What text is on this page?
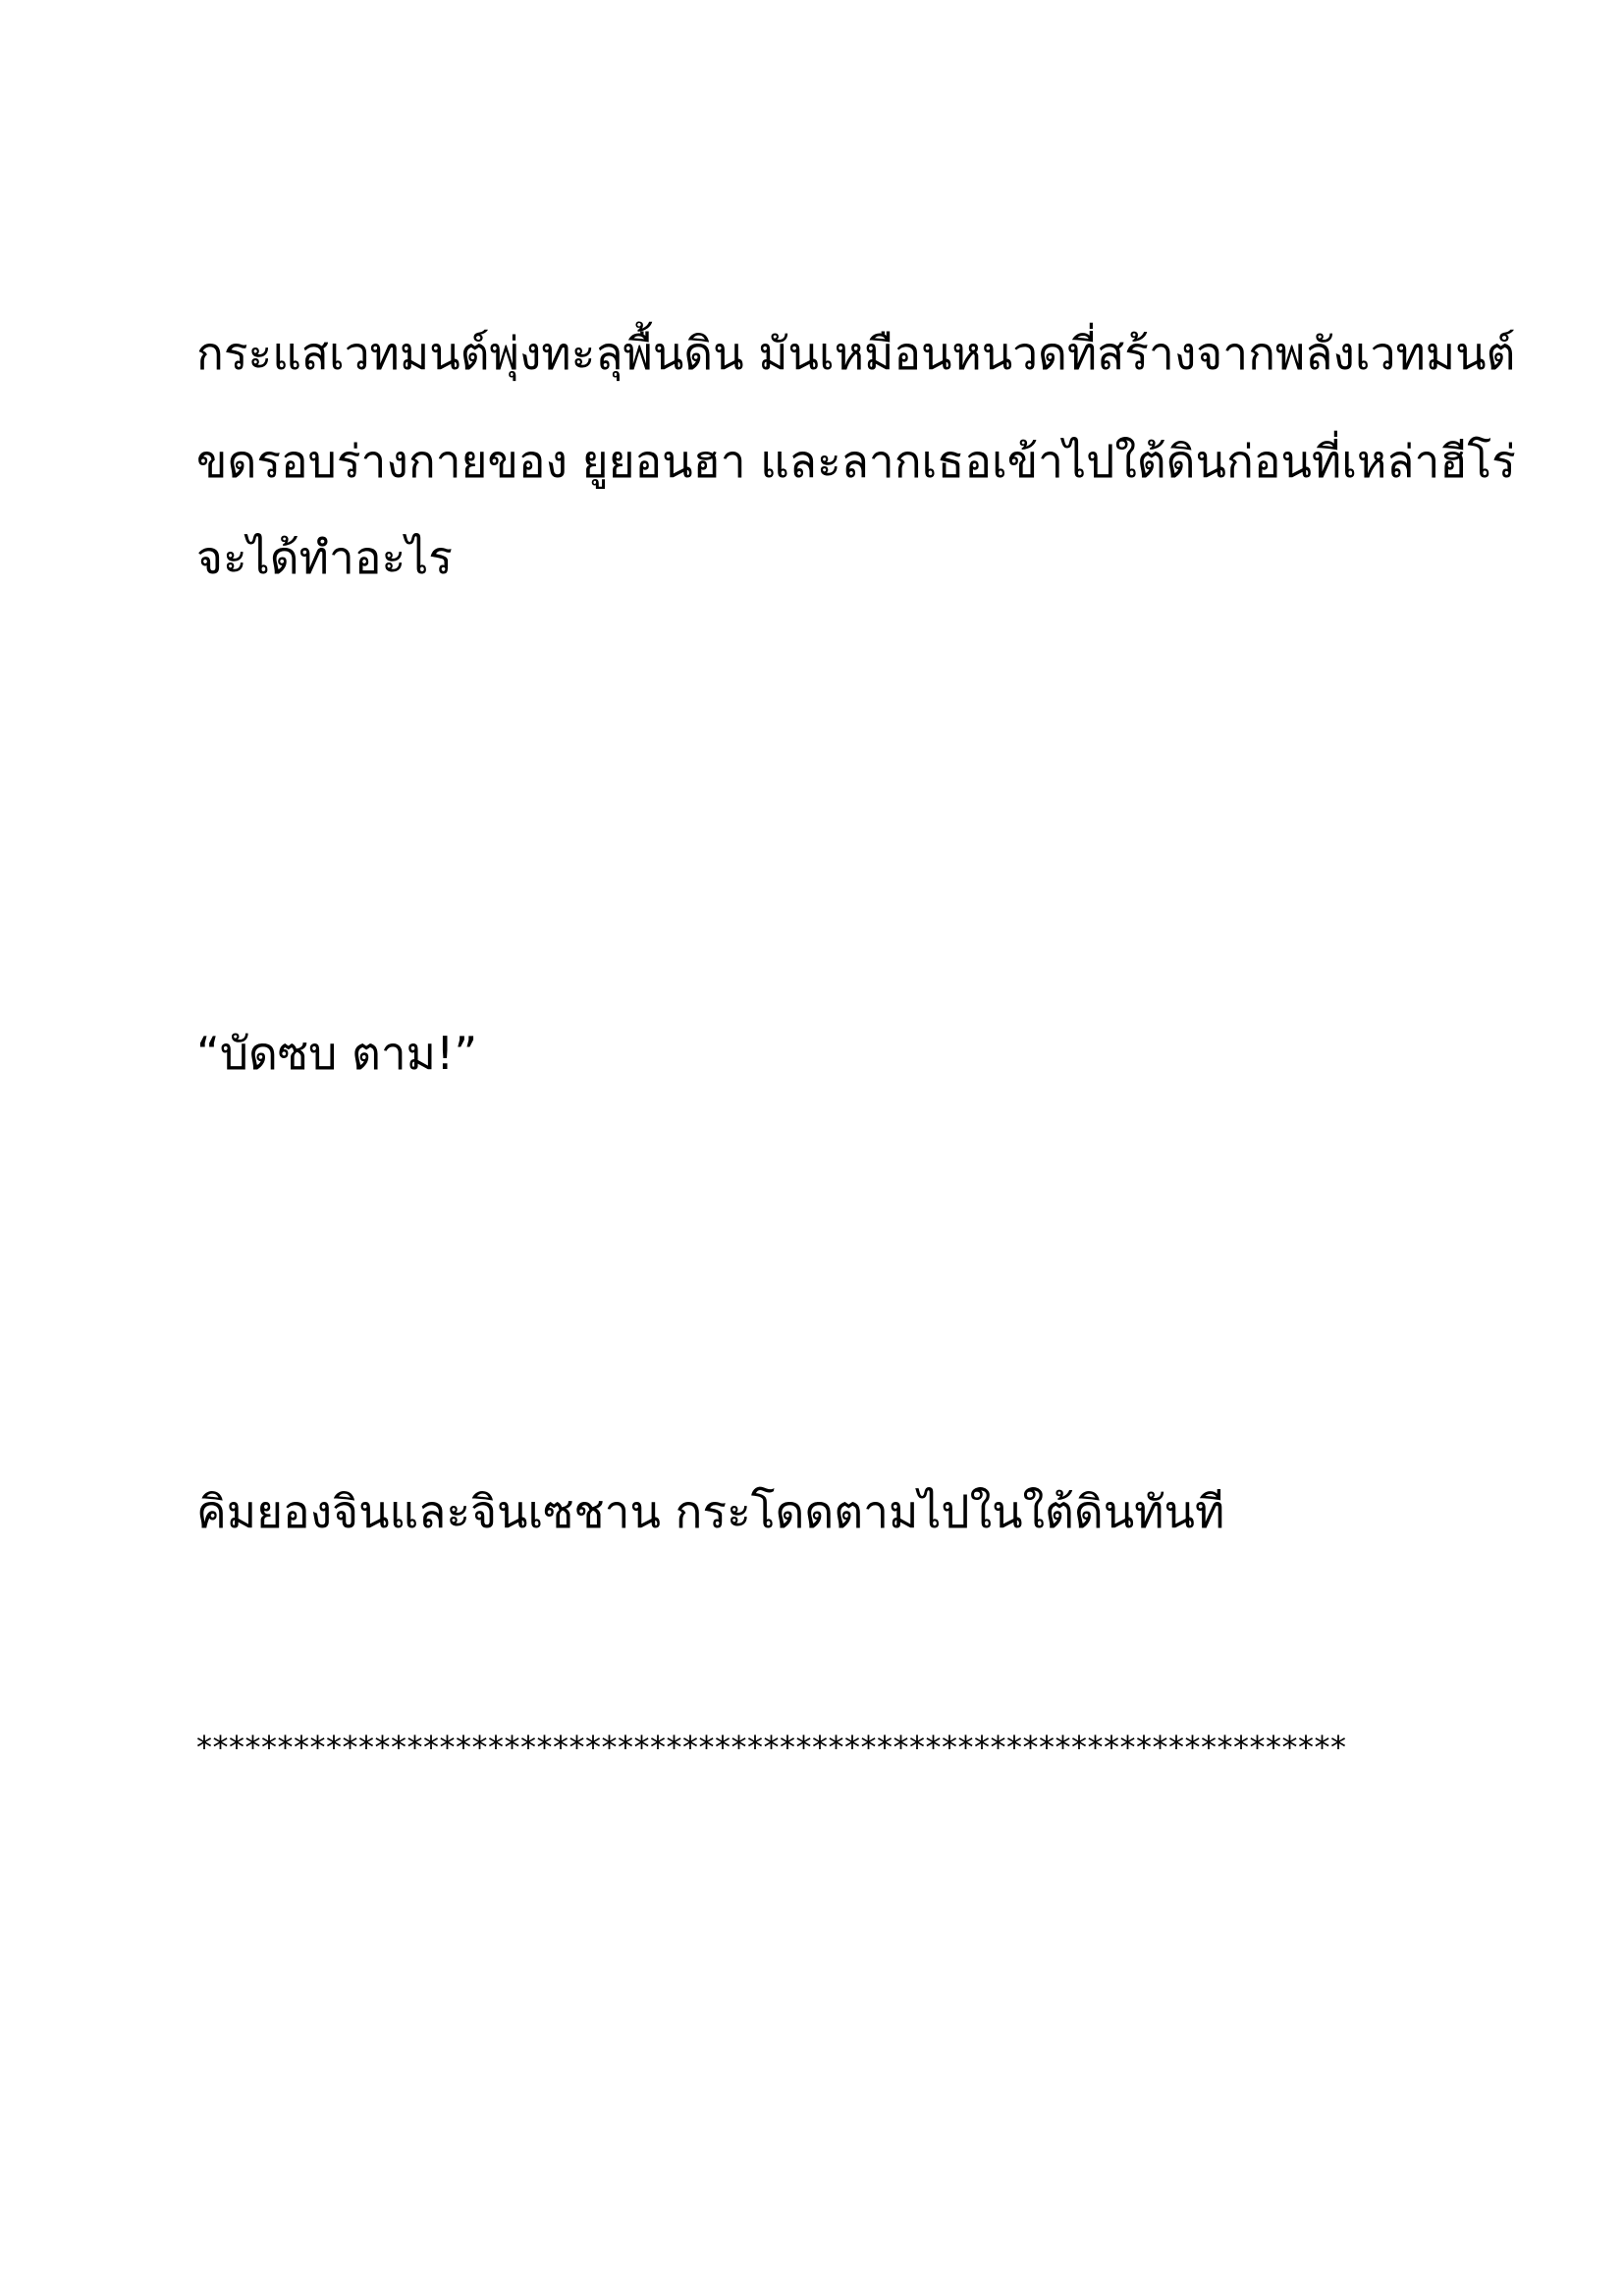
กระแสเวทมนต์พุ่งทะลุพื้นดิน มันเหมือนหนวดที่สร้างจากพลังเวทมนต์
ขดรอบร่างกายของ ยูยอนฮา และลากเธอเข้าไปใต้ดินก่อนที่เหล่าฮีโร่
จะได้ทำอะไร
“บัดซบ ตาม!”
คิมยองจินและจินเซชาน กระโดดตามไปในใต้ดินทันที
***********************************************************************
